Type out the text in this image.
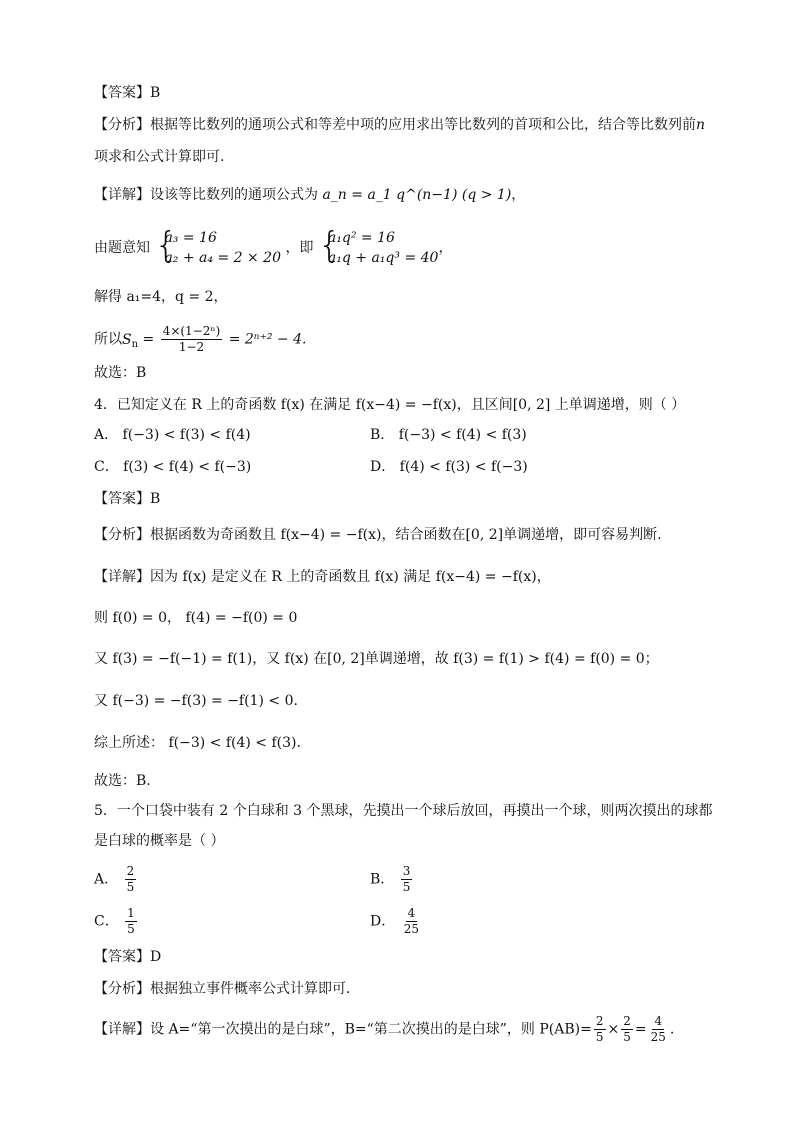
【答案】B
【分析】根据等比数列的通项公式和等差中项的应用求出等比数列的首项和公比，结合等比数列前n
项求和公式计算即可.
【详解】设该等比数列的通项公式为 a_n = a_1 q^(n−1) (q > 1)，
由题意知 {
a₃ = 16
a₂ + a₄ = 2 × 20
，即 {
a₁q² = 16
a₁q + a₁q³ = 40
，
解得 a₁=4，q = 2，
所以$S_n = \frac{\text{4×(1−2ⁿ)}}{1-2} = 2^{n+2} - 4$.
故选：B
4．已知定义在 R 上的奇函数 f(x) 在满足 f(x−4) = −f(x)，且区间[0, 2] 上单调递增，则（ ）
A． f(−3) < f(3) < f(4)	B． f(−3) < f(4) < f(3)
C． f(3) < f(4) < f(−3)	D． f(4) < f(3) < f(−3)
【答案】B
【分析】根据函数为奇函数且 f(x−4) = −f(x)，结合函数在[0, 2]单调递增，即可容易判断.
【详解】因为 f(x) 是定义在 R 上的奇函数且 f(x) 满足 f(x−4) = −f(x)，
则 f(0) = 0， f(4) = −f(0) = 0
又 f(3) = −f(−1) = f(1)，又 f(x) 在[0, 2]单调递增，故 f(3) = f(1) > f(4) = f(0) = 0；
又 f(−3) = −f(3) = −f(1) < 0.
综上所述： f(−3) < f(4) < f(3).
故选：B.
5．一个口袋中装有 2 个白球和 3 个黑球，先摸出一个球后放回，再摸出一个球，则两次摸出的球都
是白球的概率是（ ）
A． $\frac{2}{5}$	B． $\frac{3}{5}$
C． $\frac{1}{5}$	D． $\frac{4}{25}$
【答案】D
【分析】根据独立事件概率公式计算即可．
【详解】设 A=“第一次摸出的是白球”，B=“第二次摸出的是白球”，则 $P(AB)= \frac{2}{5} \times \frac{2}{5} = \frac{4}{25}$ .
